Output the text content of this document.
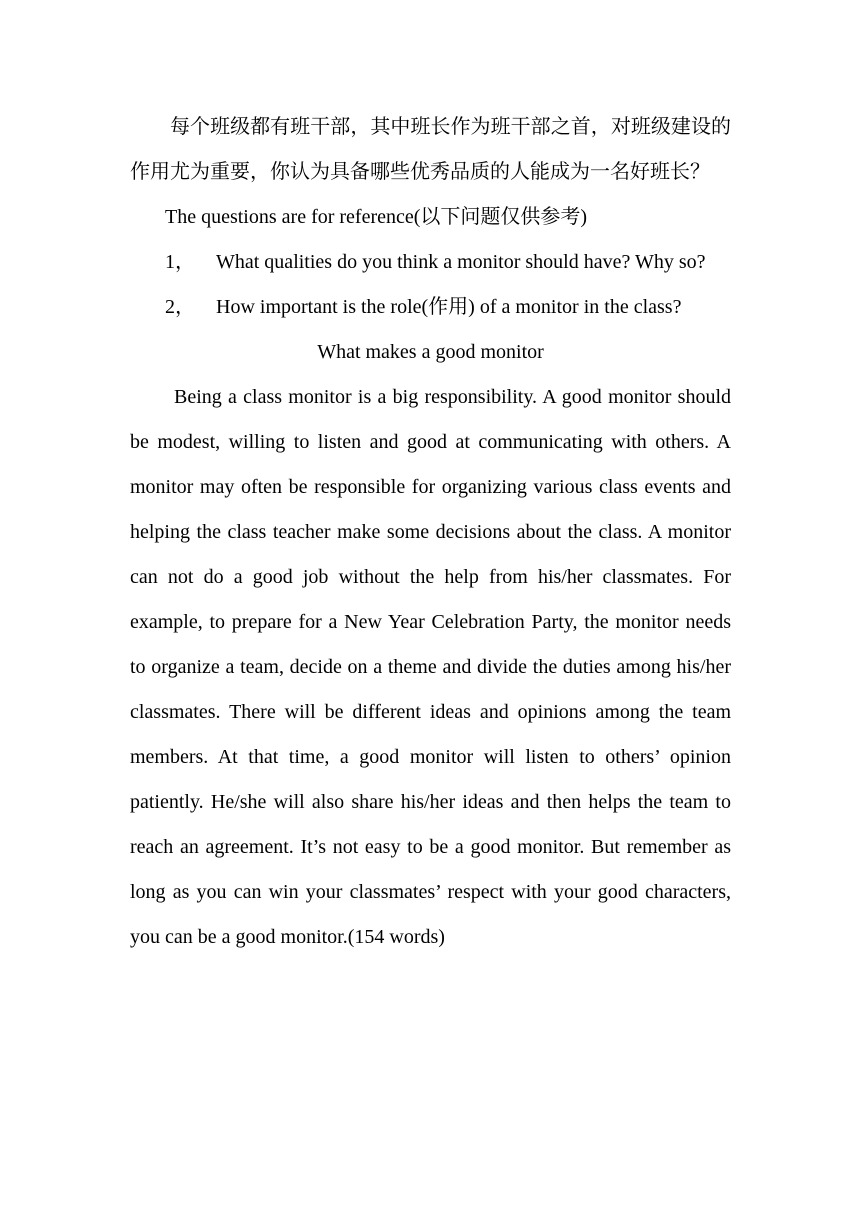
每个班级都有班干部，其中班长作为班干部之首，对班级建设的作用尤为重要，你认为具备哪些优秀品质的人能成为一名好班长？

The questions are for reference(以下问题仅供参考)

1，	What qualities do you think a monitor should have? Why so?
2，	How important is the role(作用) of a monitor in the class?

What makes a good monitor

Being a class monitor is a big responsibility. A good monitor should be modest, willing to listen and good at communicating with others. A monitor may often be responsible for organizing various class events and helping the class teacher make some decisions about the class. A monitor can not do a good job without the help from his/her classmates. For example, to prepare for a New Year Celebration Party, the monitor needs to organize a team, decide on a theme and divide the duties among his/her classmates. There will be different ideas and opinions among the team members. At that time, a good monitor will listen to others’ opinion patiently. He/she will also share his/her ideas and then helps the team to reach an agreement. It’s not easy to be a good monitor. But remember as long as you can win your classmates’ respect with your good characters, you can be a good monitor.(154 words)
